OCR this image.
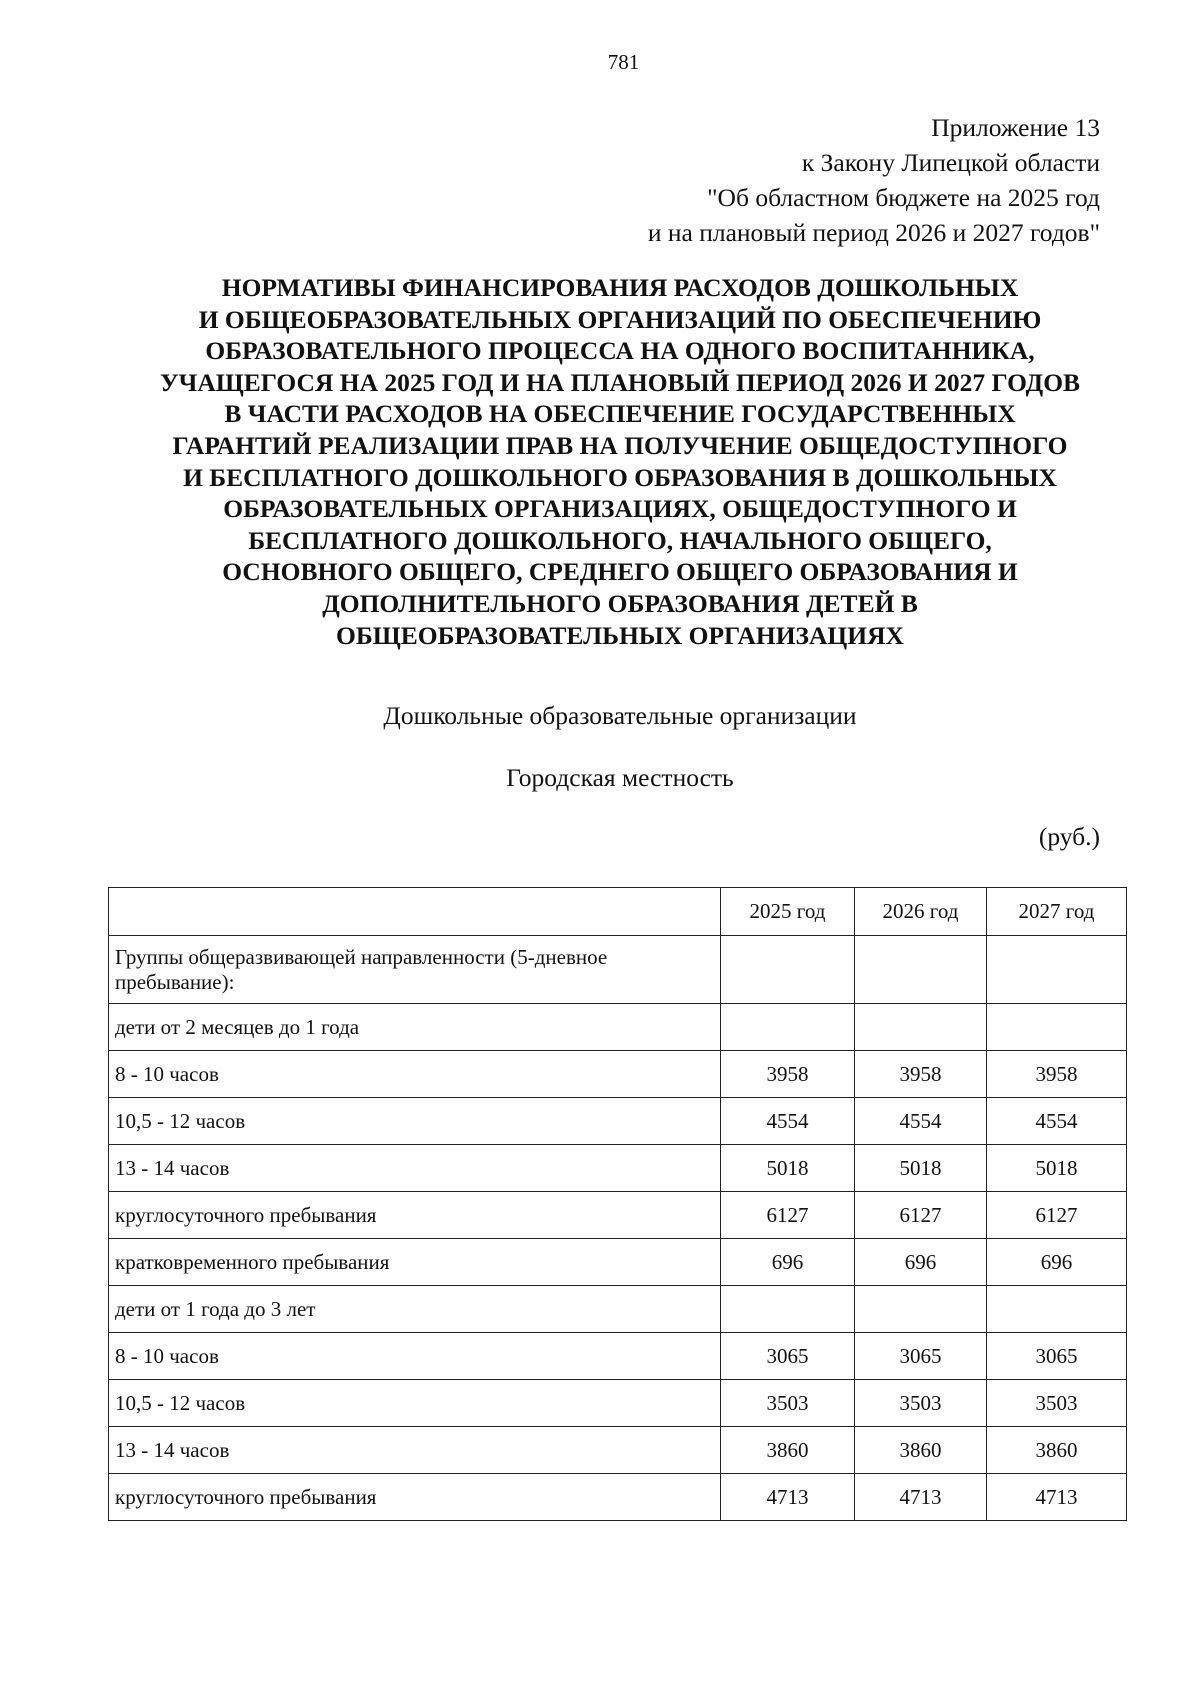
781
Приложение 13
к Закону Липецкой области
"Об областном бюджете на 2025 год
и на плановый период 2026 и 2027 годов"
НОРМАТИВЫ ФИНАНСИРОВАНИЯ РАСХОДОВ ДОШКОЛЬНЫХ
И ОБЩЕОБРАЗОВАТЕЛЬНЫХ ОРГАНИЗАЦИЙ ПО ОБЕСПЕЧЕНИЮ
ОБРАЗОВАТЕЛЬНОГО ПРОЦЕССА НА ОДНОГО ВОСПИТАННИКА,
УЧАЩЕГОСЯ НА 2025 ГОД И НА ПЛАНОВЫЙ ПЕРИОД 2026 И 2027 ГОДОВ
В ЧАСТИ РАСХОДОВ НА ОБЕСПЕЧЕНИЕ ГОСУДАРСТВЕННЫХ
ГАРАНТИЙ РЕАЛИЗАЦИИ ПРАВ НА ПОЛУЧЕНИЕ ОБЩЕДОСТУПНОГО
И БЕСПЛАТНОГО ДОШКОЛЬНОГО ОБРАЗОВАНИЯ В ДОШКОЛЬНЫХ
ОБРАЗОВАТЕЛЬНЫХ ОРГАНИЗАЦИЯХ, ОБЩЕДОСТУПНОГО И
БЕСПЛАТНОГО ДОШКОЛЬНОГО, НАЧАЛЬНОГО ОБЩЕГО,
ОСНОВНОГО ОБЩЕГО, СРЕДНЕГО ОБЩЕГО ОБРАЗОВАНИЯ И
ДОПОЛНИТЕЛЬНОГО ОБРАЗОВАНИЯ ДЕТЕЙ В
ОБЩЕОБРАЗОВАТЕЛЬНЫХ ОРГАНИЗАЦИЯХ
Дошкольные образовательные организации
Городская местность
(руб.)
	2025 год	2026 год	2027 год
Группы общеразвивающей направленности (5-дневное пребывание):			
дети от 2 месяцев до 1 года			
8 - 10 часов	3958	3958	3958
10,5 - 12 часов	4554	4554	4554
13 - 14 часов	5018	5018	5018
круглосуточного пребывания	6127	6127	6127
кратковременного пребывания	696	696	696
дети от 1 года до 3 лет			
8 - 10 часов	3065	3065	3065
10,5 - 12 часов	3503	3503	3503
13 - 14 часов	3860	3860	3860
круглосуточного пребывания	4713	4713	4713
